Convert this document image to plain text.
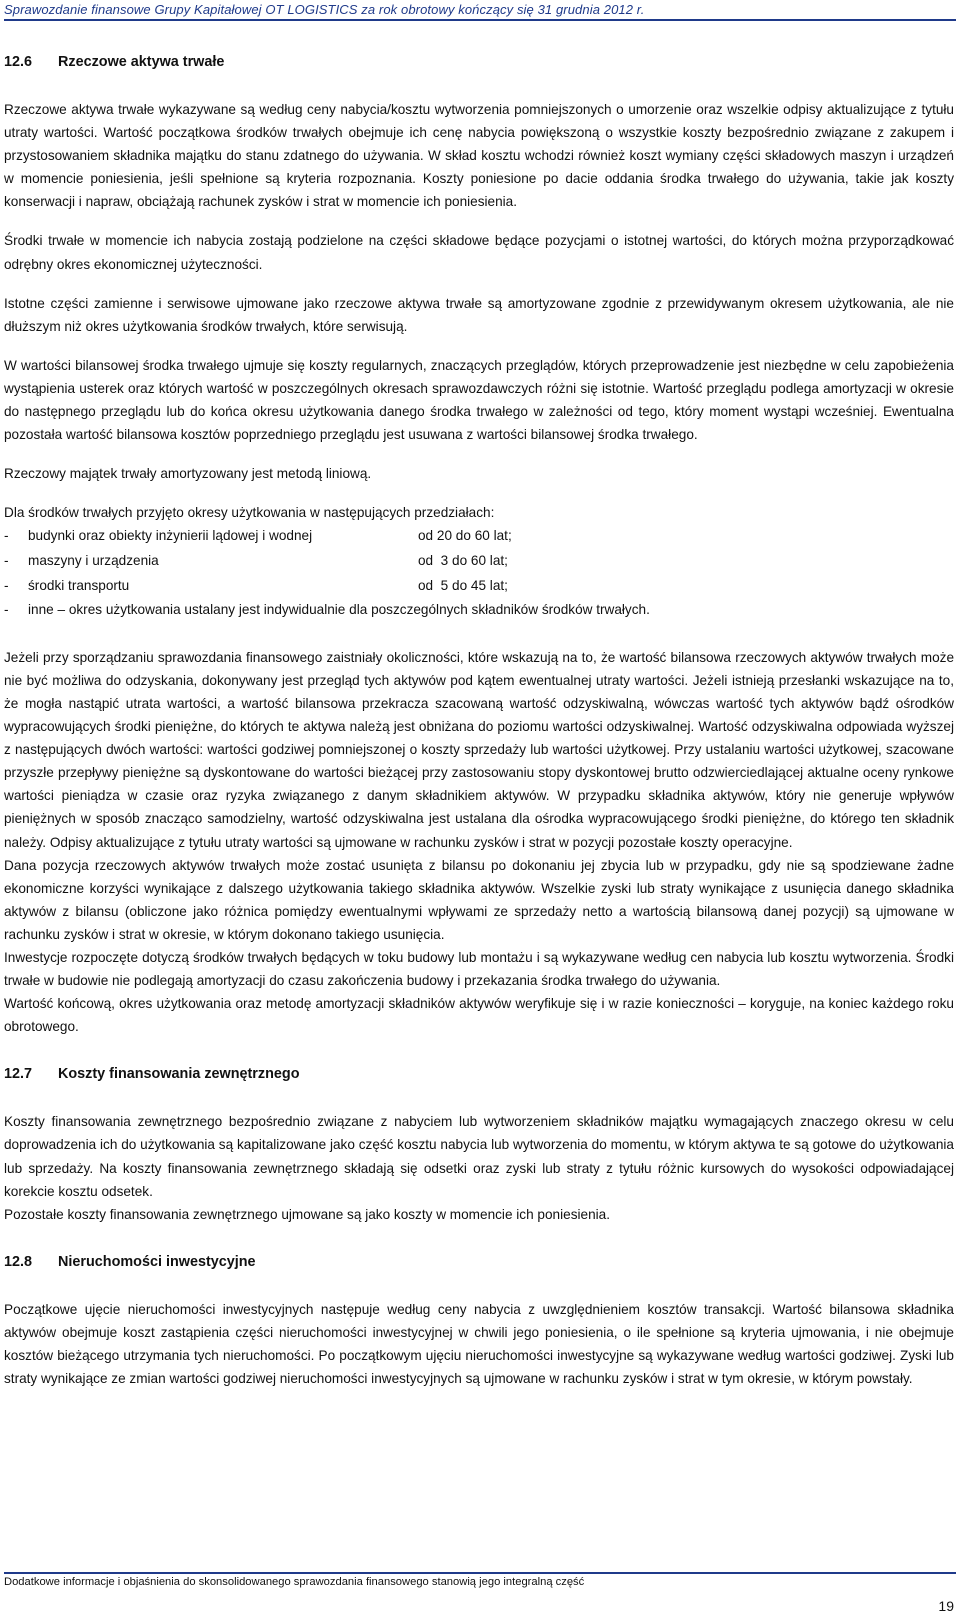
Sprawozdanie finansowe Grupy Kapitałowej OT LOGISTICS za rok obrotowy kończący się 31 grudnia 2012 r.
12.6 Rzeczowe aktywa trwałe

Rzeczowe aktywa trwałe wykazywane są według ceny nabycia/kosztu wytworzenia pomniejszonych o umorzenie oraz wszelkie odpisy aktualizujące z tytułu utraty wartości. Wartość początkowa środków trwałych obejmuje ich cenę nabycia powiększoną o wszystkie koszty bezpośrednio związane z zakupem i przystosowaniem składnika majątku do stanu zdatnego do używania. W skład kosztu wchodzi również koszt wymiany części składowych maszyn i urządzeń w momencie poniesienia, jeśli spełnione są kryteria rozpoznania. Koszty poniesione po dacie oddania środka trwałego do używania, takie jak koszty konserwacji i napraw, obciążają rachunek zysków i strat w momencie ich poniesienia.

Środki trwałe w momencie ich nabycia zostają podzielone na części składowe będące pozycjami o istotnej wartości, do których można przyporządkować odrębny okres ekonomicznej użyteczności.

Istotne części zamienne i serwisowe ujmowane jako rzeczowe aktywa trwałe są amortyzowane zgodnie z przewidywanym okresem użytkowania, ale nie dłuższym niż okres użytkowania środków trwałych, które serwisują.

W wartości bilansowej środka trwałego ujmuje się koszty regularnych, znaczących przeglądów, których przeprowadzenie jest niezbędne w celu zapobieżenia wystąpienia usterek oraz których wartość w poszczególnych okresach sprawozdawczych różni się istotnie. Wartość przeglądu podlega amortyzacji w okresie do następnego przeglądu lub do końca okresu użytkowania danego środka trwałego w zależności od tego, który moment wystąpi wcześniej. Ewentualna pozostała wartość bilansowa kosztów poprzedniego przeglądu jest usuwana z wartości bilansowej środka trwałego.

Rzeczowy majątek trwały amortyzowany jest metodą liniową.

Dla środków trwałych przyjęto okresy użytkowania w następujących przedziałach:

-	budynki oraz obiekty inżynierii lądowej i wodnej	od 20 do 60 lat;
-	maszyny i urządzenia	od  3 do 60 lat;
-	środki transportu	od  5 do 45 lat;
-	inne – okres użytkowania ustalany jest indywidualnie dla poszczególnych składników środków trwałych.

Jeżeli przy sporządzaniu sprawozdania finansowego zaistniały okoliczności, które wskazują na to, że wartość bilansowa rzeczowych aktywów trwałych może nie być możliwa do odzyskania, dokonywany jest przegląd tych aktywów pod kątem ewentualnej utraty wartości. Jeżeli istnieją przesłanki wskazujące na to, że mogła nastąpić utrata wartości, a wartość bilansowa przekracza szacowaną wartość odzyskiwalną, wówczas wartość tych aktywów bądź ośrodków wypracowujących środki pieniężne, do których te aktywa należą jest obniżana do poziomu wartości odzyskiwalnej. Wartość odzyskiwalna odpowiada wyższej z następujących dwóch wartości: wartości godziwej pomniejszonej o koszty sprzedaży lub wartości użytkowej. Przy ustalaniu wartości użytkowej, szacowane przyszłe przepływy pieniężne są dyskontowane do wartości bieżącej przy zastosowaniu stopy dyskontowej brutto odzwierciedlającej aktualne oceny rynkowe wartości pieniądza w czasie oraz ryzyka związanego z danym składnikiem aktywów. W przypadku składnika aktywów, który nie generuje wpływów pieniężnych w sposób znacząco samodzielny, wartość odzyskiwalna jest ustalana dla ośrodka wypracowującego środki pieniężne, do którego ten składnik należy. Odpisy aktualizujące z tytułu utraty wartości są ujmowane w rachunku zysków i strat w pozycji pozostałe koszty operacyjne.

Dana pozycja rzeczowych aktywów trwałych może zostać usunięta z bilansu po dokonaniu jej zbycia lub w przypadku, gdy nie są spodziewane żadne ekonomiczne korzyści wynikające z dalszego użytkowania takiego składnika aktywów. Wszelkie zyski lub straty wynikające z usunięcia danego składnika aktywów z bilansu (obliczone jako różnica pomiędzy ewentualnymi wpływami ze sprzedaży netto a wartością bilansową danej pozycji) są ujmowane w rachunku zysków i strat w okresie, w którym dokonano takiego usunięcia.

Inwestycje rozpoczęte dotyczą środków trwałych będących w toku budowy lub montażu i są wykazywane według cen nabycia lub kosztu wytworzenia. Środki trwałe w budowie nie podlegają amortyzacji do czasu zakończenia budowy i przekazania środka trwałego do używania.

Wartość końcową, okres użytkowania oraz metodę amortyzacji składników aktywów weryfikuje się i w razie konieczności – koryguje, na koniec każdego roku obrotowego.

12.7 Koszty finansowania zewnętrznego

Koszty finansowania zewnętrznego bezpośrednio związane z nabyciem lub wytworzeniem składników majątku wymagających znaczego okresu w celu doprowadzenia ich do użytkowania są kapitalizowane jako część kosztu nabycia lub wytworzenia do momentu, w którym aktywa te są gotowe do użytkowania lub sprzedaży. Na koszty finansowania zewnętrznego składają się odsetki oraz zyski lub straty z tytułu różnic kursowych do wysokości odpowiadającej korekcie kosztu odsetek.

Pozostałe koszty finansowania zewnętrznego ujmowane są jako koszty w momencie ich poniesienia.

12.8 Nieruchomości inwestycyjne

Początkowe ujęcie nieruchomości inwestycyjnych następuje według ceny nabycia z uwzględnieniem kosztów transakcji. Wartość bilansowa składnika aktywów obejmuje koszt zastąpienia części nieruchomości inwestycyjnej w chwili jego poniesienia, o ile spełnione są kryteria ujmowania, i nie obejmuje kosztów bieżącego utrzymania tych nieruchomości. Po początkowym ujęciu nieruchomości inwestycyjne są wykazywane według wartości godziwej. Zyski lub straty wynikające ze zmian wartości godziwej nieruchomości inwestycyjnych są ujmowane w rachunku zysków i strat w tym okresie, w którym powstały.

Dodatkowe informacje i objaśnienia do skonsolidowanego sprawozdania finansowego stanowią jego integralną część
19
